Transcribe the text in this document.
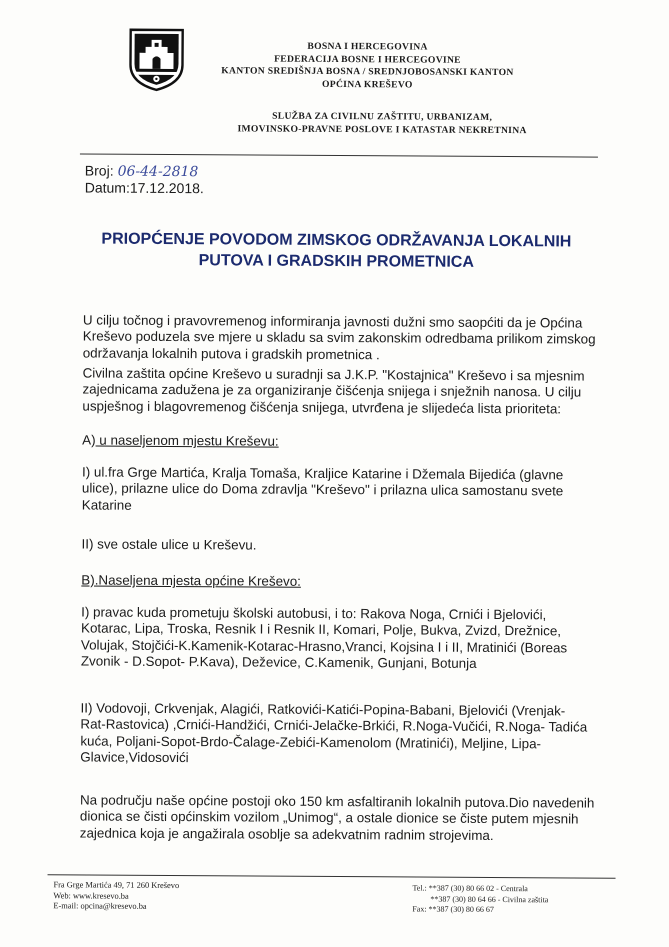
BOSNA I HERCEGOVINA
FEDERACIJA BOSNE I HERCEGOVINE
KANTON SREDIŠNJA BOSNA / SREDNJOBOSANSKI KANTON
OPĆINA KREŠEVO
SLUŽBA ZA CIVILNU ZAŠTITU, URBANIZAM,
IMOVINSKO-PRAVNE POSLOVE I KATASTAR NEKRETNINA
Broj: 06-44-2818
Datum:17.12.2018.
PRIOPĆENJE POVODOM ZIMSKOG ODRŽAVANJA LOKALNIH
PUTOVA I GRADSKIH PROMETNICA
U cilju točnog i pravovremenog informiranja javnosti dužni smo saopćiti da je Općina
Kreševo poduzela sve mjere u skladu sa svim zakonskim odredbama prilikom zimskog
održavanja lokalnih putova i gradskih prometnica .
Civilna zaštita općine Kreševo u suradnji sa J.K.P. "Kostajnica" Kreševo i sa mjesnim
zajednicama zadužena je za organiziranje čišćenja snijega i snježnih nanosa. U cilju
uspješnog i blagovremenog čišćenja snijega, utvrđena je slijedeća lista prioriteta:
A) u naseljenom mjestu Kreševu:
I) ul.fra Grge Martića, Kralja Tomaša, Kraljice Katarine i Džemala Bijedića (glavne
ulice), prilazne ulice do Doma zdravlja "Kreševo" i prilazna ulica samostanu svete
Katarine
II) sve ostale ulice u Kreševu.
B).Naseljena mjesta općine Kreševo:
I) pravac kuda prometuju školski autobusi, i to: Rakova Noga, Crnići i Bjelovići,
Kotarac, Lipa, Troska, Resnik I i Resnik II, Komari, Polje, Bukva, Zvizd, Drežnice,
Volujak, Stojčići-K.Kamenik-Kotarac-Hrasno,Vranci, Kojsina I i II, Mratinići (Boreas
Zvonik - D.Sopot- P.Kava), Deževice, C.Kamenik, Gunjani, Botunja
II) Vodovoji, Crkvenjak, Alagići, Ratkovići-Katići-Popina-Babani, Bjelovići (Vrenjak-
Rat-Rastovica) ,Crnići-Handžići, Crnići-Jelačke-Brkići, R.Noga-Vučići, R.Noga- Tadića
kuća, Poljani-Sopot-Brdo-Čalage-Zebići-Kamenolom (Mratinići), Meljine, Lipa-
Glavice,Vidosovići
Na području naše općine postoji oko 150 km asfaltiranih lokalnih putova.Dio navedenih
dionica se čisti općinskim vozilom „Unimog“, a ostale dionice se čiste putem mjesnih
zajednica koja je angažirala osoblje sa adekvatnim radnim strojevima.
Fra Grge Martića 49, 71 260 Kreševo
Web: www.kresevo.ba
E-mail: opcina@kresevo.ba
Tel.: **387 (30) 80 66 02 - Centrala
**387 (30) 80 64 66 - Civilna zaštita
Fax: **387 (30) 80 66 67
